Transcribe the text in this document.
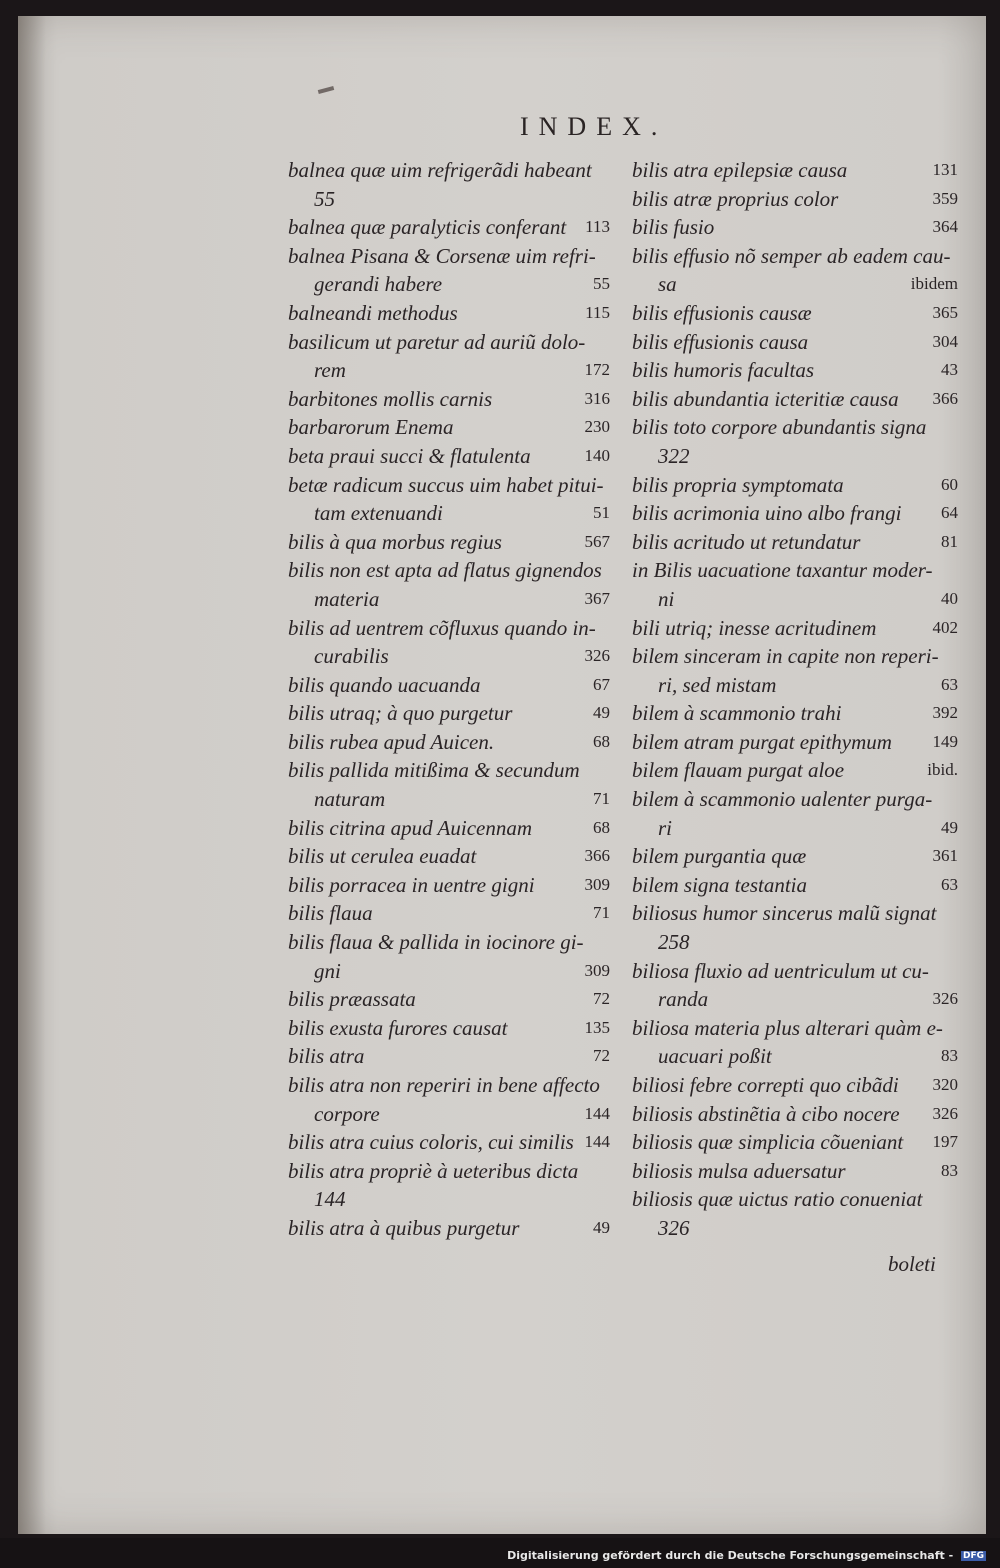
INDEX.
balnea quæ uim refrigerãdi habeant
55
balnea quæ paralyticis conferant 113
balnea Pisana & Corsenæ uim refri-
gerandi habere	55
balneandi methodus	115
basilicum ut paretur ad auriũ dolo-
rem	172
barbitones mollis carnis	316
barbarorum Enema	230
beta praui succi & flatulenta	140
betæ radicum succus uim habet pitui-
tam extenuandi	51
bilis à qua morbus regius	567
bilis non est apta ad flatus gignendos
materia	367
bilis ad uentrem cõfluxus quando in-
curabilis	326
bilis quando uacuanda	67
bilis utraq; à quo purgetur	49
bilis rubea apud Auicen.	68
bilis pallida mitißima & secundum
naturam	71
bilis citrina apud Auicennam	68
bilis ut cerulea euadat	366
bilis porracea in uentre gigni	309
bilis flaua	71
bilis flaua & pallida in iocinore gi-
gni	309
bilis præassata	72
bilis exusta furores causat	135
bilis atra	72
bilis atra non reperiri in bene affecto
corpore	144
bilis atra cuius coloris, cui similis 144
bilis atra propriè à ueteribus dicta
144
bilis atra à quibus purgetur	49
bilis atra epilepsiæ causa	131
bilis atræ proprius color	359
bilis fusio	364
bilis effusio nõ semper ab eadem cau-
sa	ibidem
bilis effusionis causæ	365
bilis effusionis causa	304
bilis humoris facultas	43
bilis abundantia icteritiæ causa 366
bilis toto corpore abundantis signa
322
bilis propria symptomata	60
bilis acrimonia uino albo frangi 64
bilis acritudo ut retundatur	81
in Bilis uacuatione taxantur moder-
ni	40
bili utriq; inesse acritudinem	402
bilem sinceram in capite non reperi-
ri, sed mistam	63
bilem à scammonio trahi	392
bilem atram purgat epithymum 149
bilem flauam purgat aloe	ibid.
bilem à scammonio ualenter purga-
ri	49
bilem purgantia quæ	361
bilem signa testantia	63
biliosus humor sincerus malũ signat
258
biliosa fluxio ad uentriculum ut cu-
randa	326
biliosa materia plus alterari quàm e-
uacuari poßit	83
biliosi febre correpti quo cibãdi 320
biliosis abstinẽtia à cibo nocere 326
biliosis quæ simplicia cõueniant 197
biliosis mulsa aduersatur	83
biliosis quæ uictus ratio conueniat
326
boleti
Digitalisierung gefördert durch die Deutsche Forschungsgemeinschaft - DFG
